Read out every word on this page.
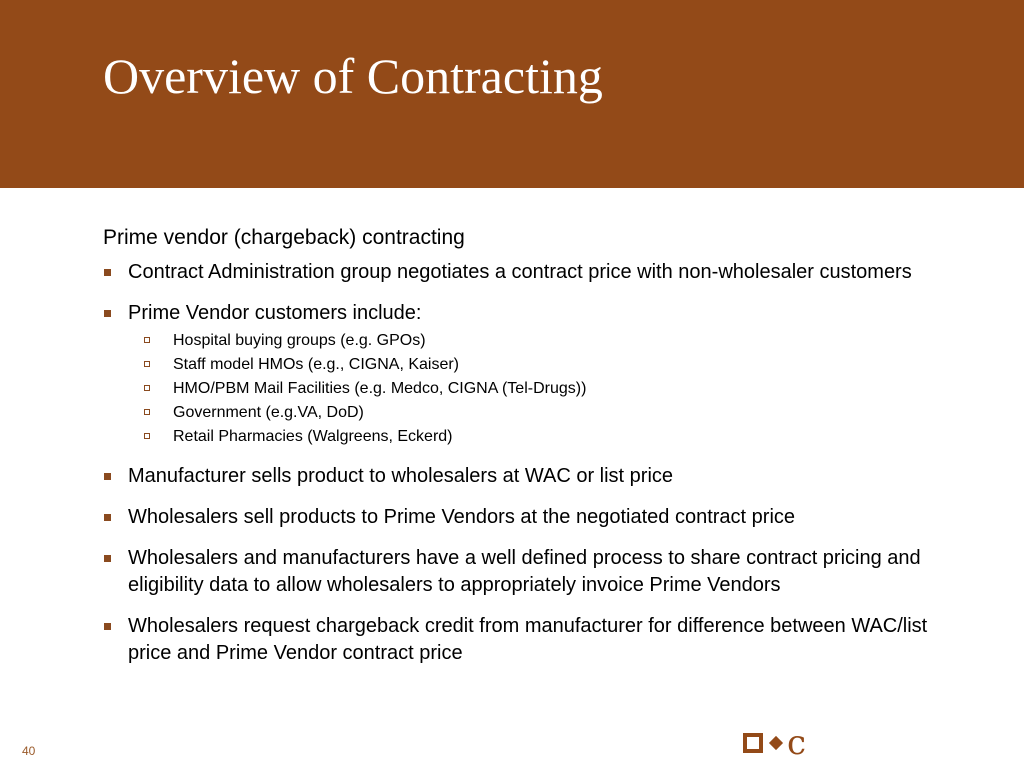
Overview of Contracting

Prime vendor (chargeback) contracting

Contract Administration group negotiates a contract price with non-wholesaler customers
Prime Vendor customers include:
Hospital buying groups (e.g. GPOs)
Staff model HMOs (e.g., CIGNA, Kaiser)
HMO/PBM Mail Facilities (e.g. Medco, CIGNA (Tel-Drugs))
Government (e.g.VA, DoD)
Retail Pharmacies (Walgreens, Eckerd)
Manufacturer sells product to wholesalers at WAC or list price
Wholesalers sell products to Prime Vendors at the negotiated contract price
Wholesalers and manufacturers have a well defined process to share contract pricing and eligibility data to allow wholesalers to appropriately invoice Prime Vendors
Wholesalers request chargeback credit from manufacturer for difference between WAC/list price and Prime Vendor contract price
40	c
